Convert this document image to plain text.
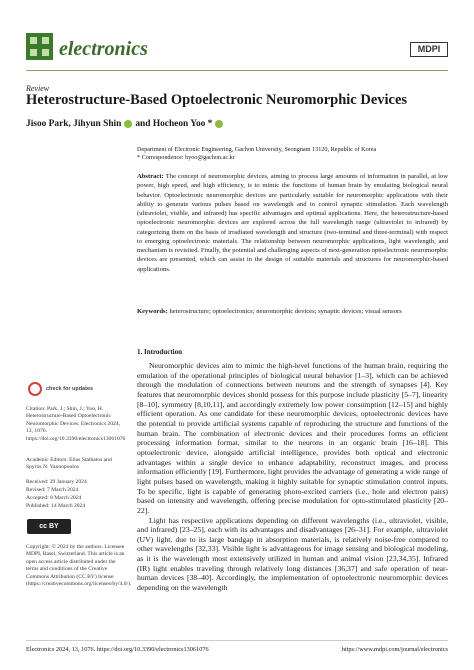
electronics	MDPI
Review
Heterostructure-Based Optoelectronic Neuromorphic Devices
Jisoo Park, Jihyun Shin and Hocheon Yoo *
Department of Electronic Engineering, Gachon University, Seongnam 13120, Republic of Korea
* Correspondence: hyoo@gachon.ac.kr
Abstract: The concept of neuromorphic devices, aiming to process large amounts of information in parallel, at low power, high speed, and high efficiency, is to mimic the functions of human brain by emulating biological neural behavior. Optoelectronic neuromorphic devices are particularly suitable for neuromorphic applications with their ability to generate various pulses based on wavelength and to control synaptic stimulation. Each wavelength (ultraviolet, visible, and infrared) has specific advantages and optimal applications. Here, the heterostructure-based optoelectronic neuromorphic devices are explored across the full wavelength range (ultraviolet to infrared) by categorizing them on the basis of irradiated wavelength and structure (two-terminal and three-terminal) with respect to emerging optoelectronic materials. The relationship between neuromorphic applications, light wavelength, and mechanism is revisited. Finally, the potential and challenging aspects of next-generation optoelectronic neuromorphic devices are presented, which can assist in the design of suitable materials and structures for neuromorphic-based applications.
Keywords: heterostructure; optoelectronics; neuromorphic devices; synaptic devices; visual sensors
1. Introduction

Neuromorphic devices aim to mimic the high-level functions of the human brain, requiring the emulation of the operational principles of biological neural behavior [1–3], which can be achieved through the modulation of connections between neurons and the strength of synapses [4]. Key features that neuromorphic devices should possess for this purpose include plasticity [5–7], linearity [8–10], symmetry [8,10,11], and accordingly extremely low power consumption [12–15] and highly efficient operation. As one candidate for these neuromorphic devices, optoelectronic devices have the potential to provide artificial systems capable of reproducing the structure and functions of the human brain. The combination of electronic devices and their procedures forms an efficient processing information format, similar to the neurons in an organic brain [16–18]. This optoelectronic device, alongside artificial intelligence, provides both optical and electronic advantages within a single device to enhance adaptability, reconstruct images, and process information efficiently [19]. Furthermore, light provides the advantage of generating a wide range of light pulses based on wavelength, making it highly suitable for synaptic stimulation control inputs. To be specific, light is capable of generating photo-excited carriers (i.e., hole and electron pairs) based on intensity and wavelength, offering precise modulation for opto-stimulated plasticity [20–22].

Light has respective applications depending on different wavelengths (i.e., ultraviolet, visible, and infrared) [23–25], each with its advantages and disadvantages [26–31]. For example, ultraviolet (UV) light, due to its large bandgap in absorption materials, is relatively noise-free compared to other wavelengths [32,33]. Visible light is advantageous for image sensing and biological modeling, as it is the wavelength most extensively utilized in human and animal vision [23,34,35]. Infrared (IR) light enables traveling through relatively long distances [36,37] and safe operation of near-human devices [38–40]. Accordingly, the implementation of optoelectronic neuromorphic devices depending on the wavelength

check for updates
Citation: Park, J.; Shin, J.; Yoo, H. Heterostructure-Based Optoelectronic Neuromorphic Devices. Electronics 2024, 13, 1076. https://doi.org/10.3390/electronics13061076
Academic Editors: Elias Stathatos and Spyros N. Yannopoulos
Received: 29 January 2024
Revised: 7 March 2024
Accepted: 8 March 2024
Published: 14 March 2024
cc BY
Copyright: © 2024 by the authors. Licensee MDPI, Basel, Switzerland. This article is an open access article distributed under the terms and conditions of the Creative Commons Attribution (CC BY) license (https://creativecommons.org/licenses/by/4.0/).
Electronics 2024, 13, 1076. https://doi.org/10.3390/electronics13061076	https://www.mdpi.com/journal/electronics
